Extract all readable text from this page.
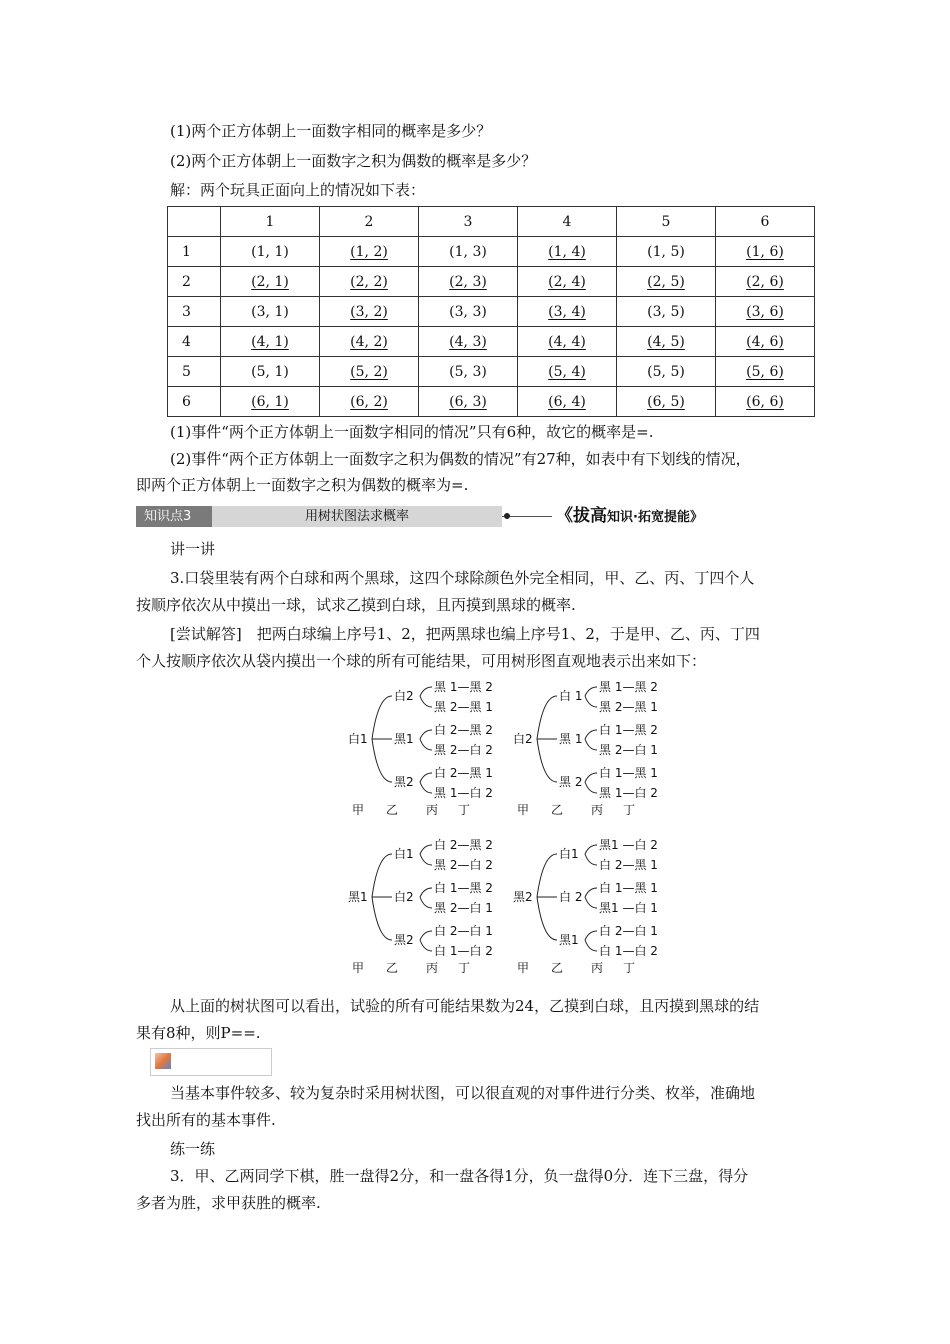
(1)两个正方体朝上一面数字相同的概率是多少？
(2)两个正方体朝上一面数字之积为偶数的概率是多少？
解：两个玩具正面向上的情况如下表：
	1	2	3	4	5	6
1	(1, 1)	(1, 2)	(1, 3)	(1, 4)	(1, 5)	(1, 6)
2	(2, 1)	(2, 2)	(2, 3)	(2, 4)	(2, 5)	(2, 6)
3	(3, 1)	(3, 2)	(3, 3)	(3, 4)	(3, 5)	(3, 6)
4	(4, 1)	(4, 2)	(4, 3)	(4, 4)	(4, 5)	(4, 6)
5	(5, 1)	(5, 2)	(5, 3)	(5, 4)	(5, 5)	(5, 6)
6	(6, 1)	(6, 2)	(6, 3)	(6, 4)	(6, 5)	(6, 6)
(1)事件“两个正方体朝上一面数字相同的情况”只有6种，故它的概率是=.
(2)事件“两个正方体朝上一面数字之积为偶数的情况”有27种，如表中有下划线的情况，
即两个正方体朝上一面数字之积为偶数的概率为=.
知识点3	用树状图法求概率	《拔高知识·拓宽提能》
讲一讲
3.口袋里装有两个白球和两个黑球，这四个球除颜色外完全相同，甲、乙、丙、丁四个人
按顺序依次从中摸出一球，试求乙摸到白球，且丙摸到黑球的概率.
[尝试解答]　把两白球编上序号1、2，把两黑球也编上序号1、2，于是甲、乙、丙、丁四
个人按顺序依次从袋内摸出一个球的所有可能结果，可用树形图直观地表示出来如下：
白1
白2
黑 1—黑 2
黑 2—黑 1
黑1
白 2—黑 2
黑 2—白 2
黑2
白 2—黑 1
黑 1—白 2
甲 乙 丙 丁
白2
白 1
黑 1—黑 2
黑 2—黑 1
黑 1
白 1—黑 2
黑 2—白 1
黑 2
白 1—黑 1
黑 1—白 2
甲 乙 丙 丁
黑1
白1
白 2—黑 2
黑 2—白 2
白2
白 1—黑 2
黑 2—白 1
黑2
白 2—白 1
白 1—白 2
甲 乙 丙 丁
黑2
白1
黑1 —白 2
白 2—黑 1
白 2
白 1—黑 1
黑1 —白 1
黑1
白 2—白 1
白 1—白 2
甲 乙 丙 丁
从上面的树状图可以看出，试验的所有可能结果数为24，乙摸到白球，且丙摸到黑球的结
果有8种，则P==.
当基本事件较多、较为复杂时采用树状图，可以很直观的对事件进行分类、枚举，准确地
找出所有的基本事件.
练一练
3．甲、乙两同学下棋，胜一盘得2分，和一盘各得1分，负一盘得0分．连下三盘，得分
多者为胜，求甲获胜的概率.
